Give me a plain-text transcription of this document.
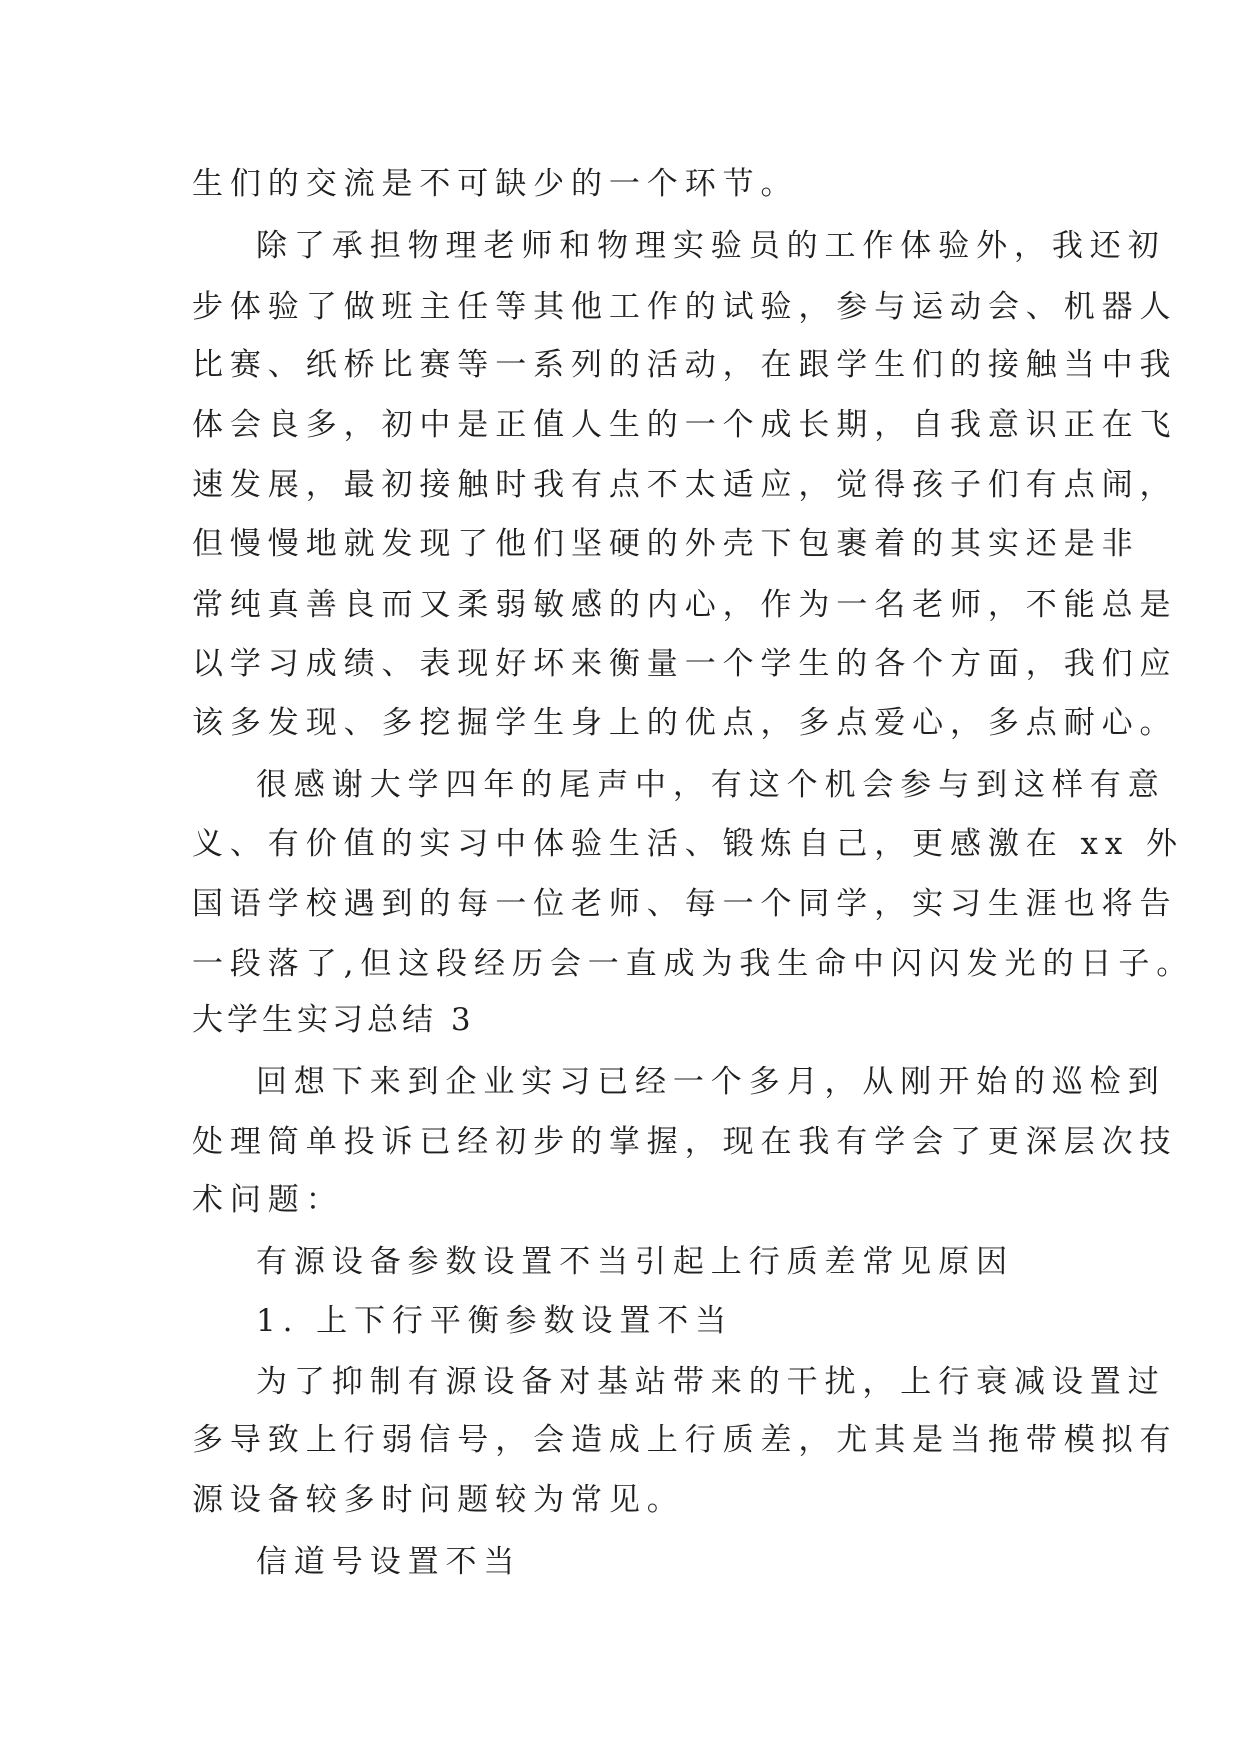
生们的交流是不可缺少的一个环节。
除了承担物理老师和物理实验员的工作体验外，我还初
步体验了做班主任等其他工作的试验，参与运动会、机器人
比赛、纸桥比赛等一系列的活动，在跟学生们的接触当中我
体会良多，初中是正值人生的一个成长期，自我意识正在飞
速发展，最初接触时我有点不太适应，觉得孩子们有点闹，
但慢慢地就发现了他们坚硬的外壳下包裹着的其实还是非
常纯真善良而又柔弱敏感的内心，作为一名老师，不能总是
以学习成绩、表现好坏来衡量一个学生的各个方面，我们应
该多发现、多挖掘学生身上的优点，多点爱心，多点耐心。
很感谢大学四年的尾声中，有这个机会参与到这样有意
义、有价值的实习中体验生活、锻炼自己，更感激在 xx 外
国语学校遇到的每一位老师、每一个同学，实习生涯也将告
一段落了,但这段经历会一直成为我生命中闪闪发光的日子。
大学生实习总结 3
回想下来到企业实习已经一个多月，从刚开始的巡检到
处理简单投诉已经初步的掌握，现在我有学会了更深层次技
术问题：
有源设备参数设置不当引起上行质差常见原因
1. 上下行平衡参数设置不当
为了抑制有源设备对基站带来的干扰，上行衰减设置过
多导致上行弱信号，会造成上行质差，尤其是当拖带模拟有
源设备较多时问题较为常见。
信道号设置不当
